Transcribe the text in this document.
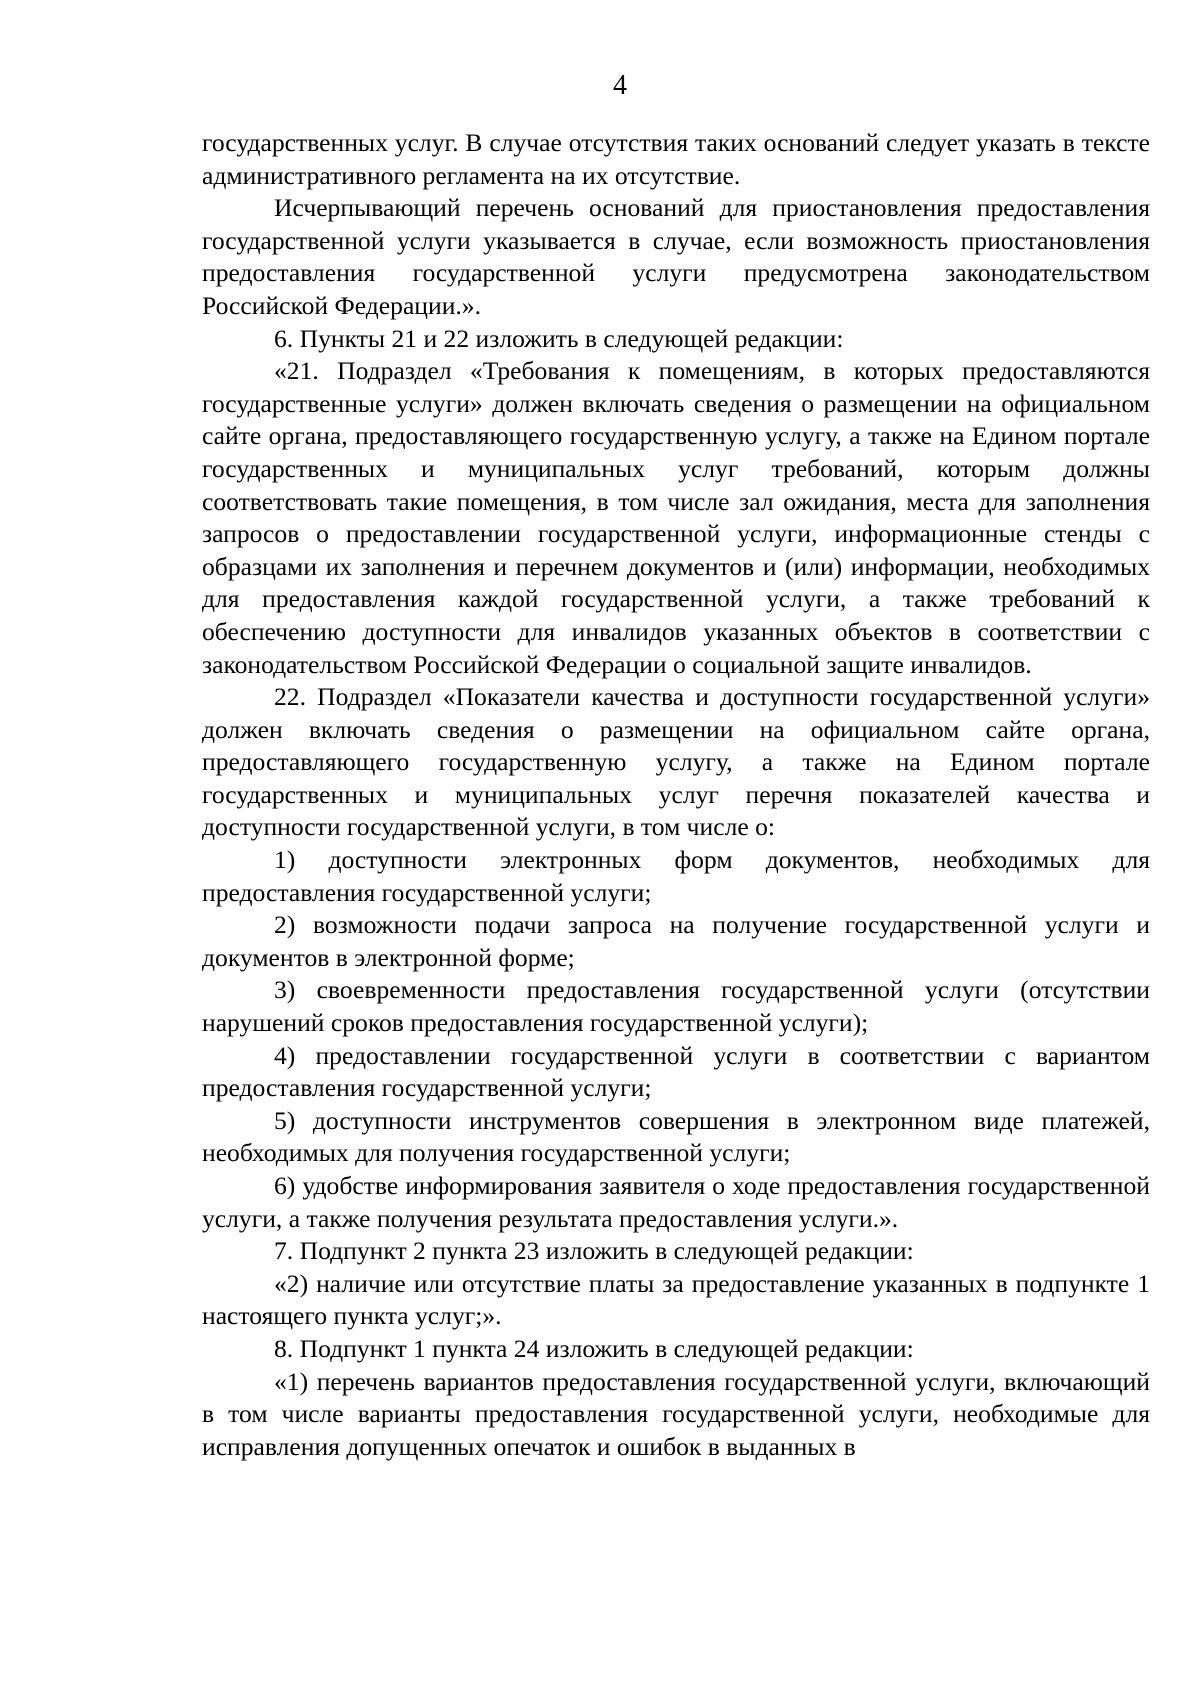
4

государственных услуг. В случае отсутствия таких оснований следует указать в тексте административного регламента на их отсутствие.

Исчерпывающий перечень оснований для приостановления предоставления государственной услуги указывается в случае, если возможность приостановления предоставления государственной услуги предусмотрена законодательством Российской Федерации.».

6. Пункты 21 и 22 изложить в следующей редакции:

«21. Подраздел «Требования к помещениям, в которых предоставляются государственные услуги» должен включать сведения о размещении на официальном сайте органа, предоставляющего государственную услугу, а также на Едином портале государственных и муниципальных услуг требований, которым должны соответствовать такие помещения, в том числе зал ожидания, места для заполнения запросов о предоставлении государственной услуги, информационные стенды с образцами их заполнения и перечнем документов и (или) информации, необходимых для предоставления каждой государственной услуги, а также требований к обеспечению доступности для инвалидов указанных объектов в соответствии с законодательством Российской Федерации о социальной защите инвалидов.

22. Подраздел «Показатели качества и доступности государственной услуги» должен включать сведения о размещении на официальном сайте органа, предоставляющего государственную услугу, а также на Едином портале государственных и муниципальных услуг перечня показателей качества и доступности государственной услуги, в том числе о:

1) доступности электронных форм документов, необходимых для предоставления государственной услуги;

2) возможности подачи запроса на получение государственной услуги и документов в электронной форме;

3) своевременности предоставления государственной услуги (отсутствии нарушений сроков предоставления государственной услуги);

4) предоставлении государственной услуги в соответствии с вариантом предоставления государственной услуги;

5) доступности инструментов совершения в электронном виде платежей, необходимых для получения государственной услуги;

6) удобстве информирования заявителя о ходе предоставления государственной услуги, а также получения результата предоставления услуги.».

7. Подпункт 2 пункта 23 изложить в следующей редакции:

«2) наличие или отсутствие платы за предоставление указанных в подпункте 1 настоящего пункта услуг;».

8. Подпункт 1 пункта 24 изложить в следующей редакции:

«1) перечень вариантов предоставления государственной услуги, включающий в том числе варианты предоставления государственной услуги, необходимые для исправления допущенных опечаток и ошибок в выданных в
